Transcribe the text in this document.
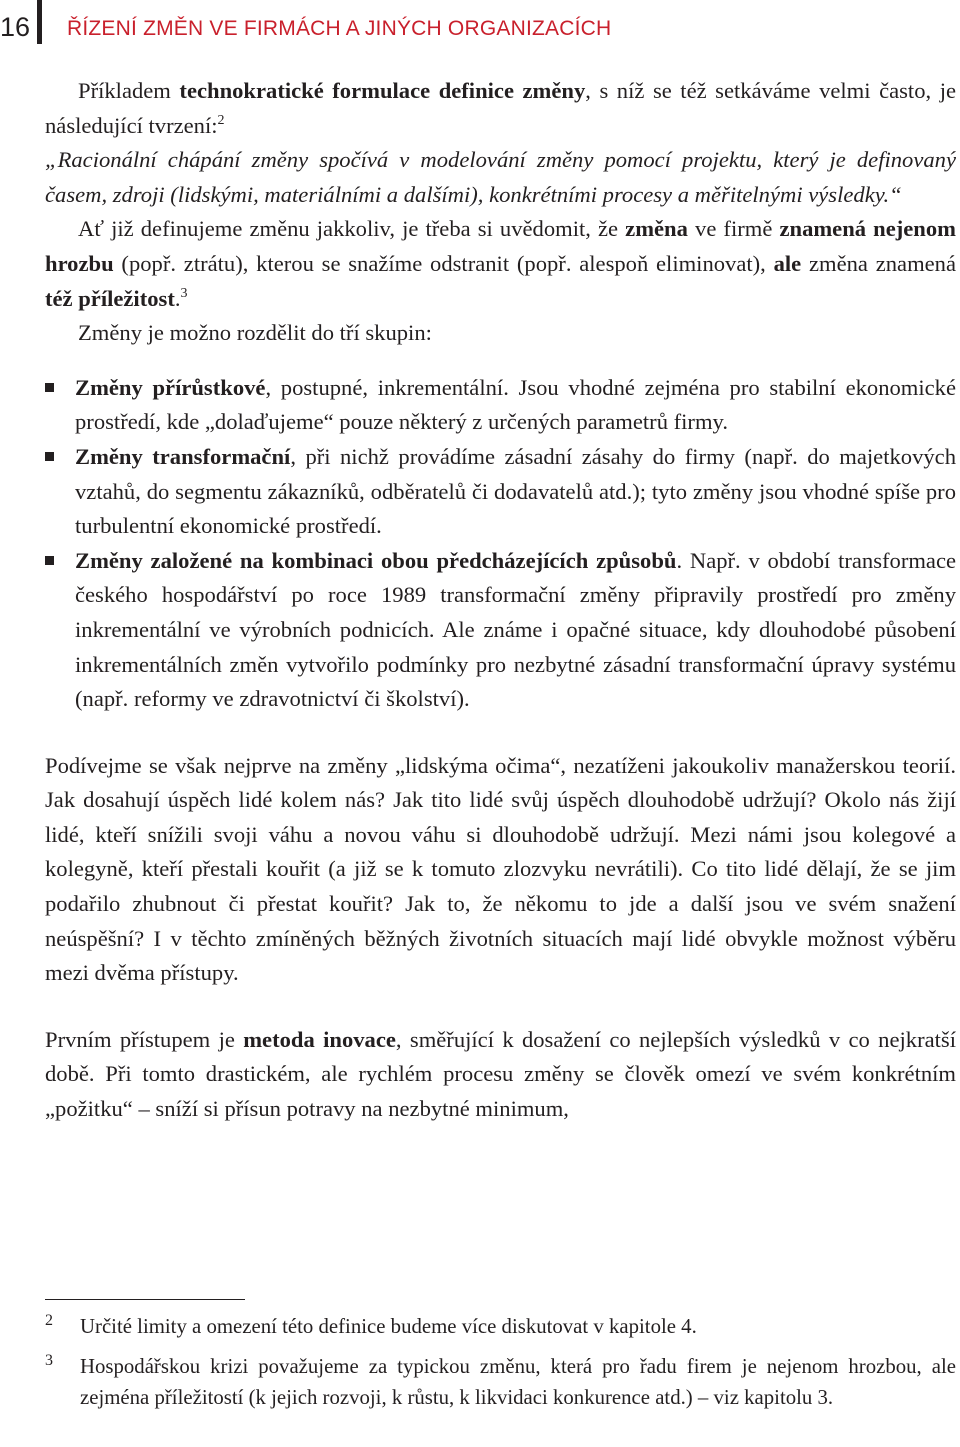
16 ŘÍZENÍ ZMĚN VE FIRMÁCH A JINÝCH ORGANIZACÍCH

Příkladem technokratické formulace definice změny, s níž se též setkáváme velmi často, je následující tvrzení:$^2$

„Racionální chápání změny spočívá v modelování změny pomocí projektu, který je definovaný časem, zdroji (lidskými, materiálními a dalšími), konkrétními procesy a měřitelnými výsledky.“

Ať již definujeme změnu jakkoliv, je třeba si uvědomit, že změna ve firmě znamená nejenom hrozbu (popř. ztrátu), kterou se snažíme odstranit (popř. alespoň eliminovat), ale změna znamená též příležitost.$^3$

Změny je možno rozdělit do tří skupin:

Změny přírůstkové, postupné, inkrementální. Jsou vhodné zejména pro stabilní ekonomické prostředí, kde „dolaďujeme“ pouze některý z určených parametrů firmy.
Změny transformační, při nichž provádíme zásadní zásahy do firmy (např. do majetkových vztahů, do segmentu zákazníků, odběratelů či dodavatelů atd.); tyto změny jsou vhodné spíše pro turbulentní ekonomické prostředí.
Změny založené na kombinaci obou předcházejících způsobů. Např. v období transformace českého hospodářství po roce 1989 transformační změny připravily prostředí pro změny inkrementální ve výrobních podnicích. Ale známe i opačné situace, kdy dlouhodobé působení inkrementálních změn vytvořilo podmínky pro nezbytné zásadní transformační úpravy systému (např. reformy ve zdravotnictví či školství).

Podívejme se však nejprve na změny „lidskýma očima“, nezatíženi jakoukoliv manažerskou teorií. Jak dosahují úspěch lidé kolem nás? Jak tito lidé svůj úspěch dlouhodobě udržují? Okolo nás žijí lidé, kteří snížili svoji váhu a novou váhu si dlouhodobě udržují. Mezi námi jsou kolegové a kolegyně, kteří přestali kouřit (a již se k tomuto zlozvyku nevrátili). Co tito lidé dělají, že se jim podařilo zhubnout či přestat kouřit? Jak to, že někomu to jde a další jsou ve svém snažení neúspěšní? I v těchto zmíněných běžných životních situacích mají lidé obvykle možnost výběru mezi dvěma přístupy.

Prvním přístupem je metoda inovace, směřující k dosažení co nejlepších výsledků v co nejkratší době. Při tomto drastickém, ale rychlém procesu změny se člověk omezí ve svém konkrétním „požitku“ – sníží si přísun potravy na nezbytné minimum,

2 Určité limity a omezení této definice budeme více diskutovat v kapitole 4.
3 Hospodářskou krizi považujeme za typickou změnu, která pro řadu firem je nejenom hrozbou, ale zejména příležitostí (k jejich rozvoji, k růstu, k likvidaci konkurence atd.) – viz kapitolu 3.
